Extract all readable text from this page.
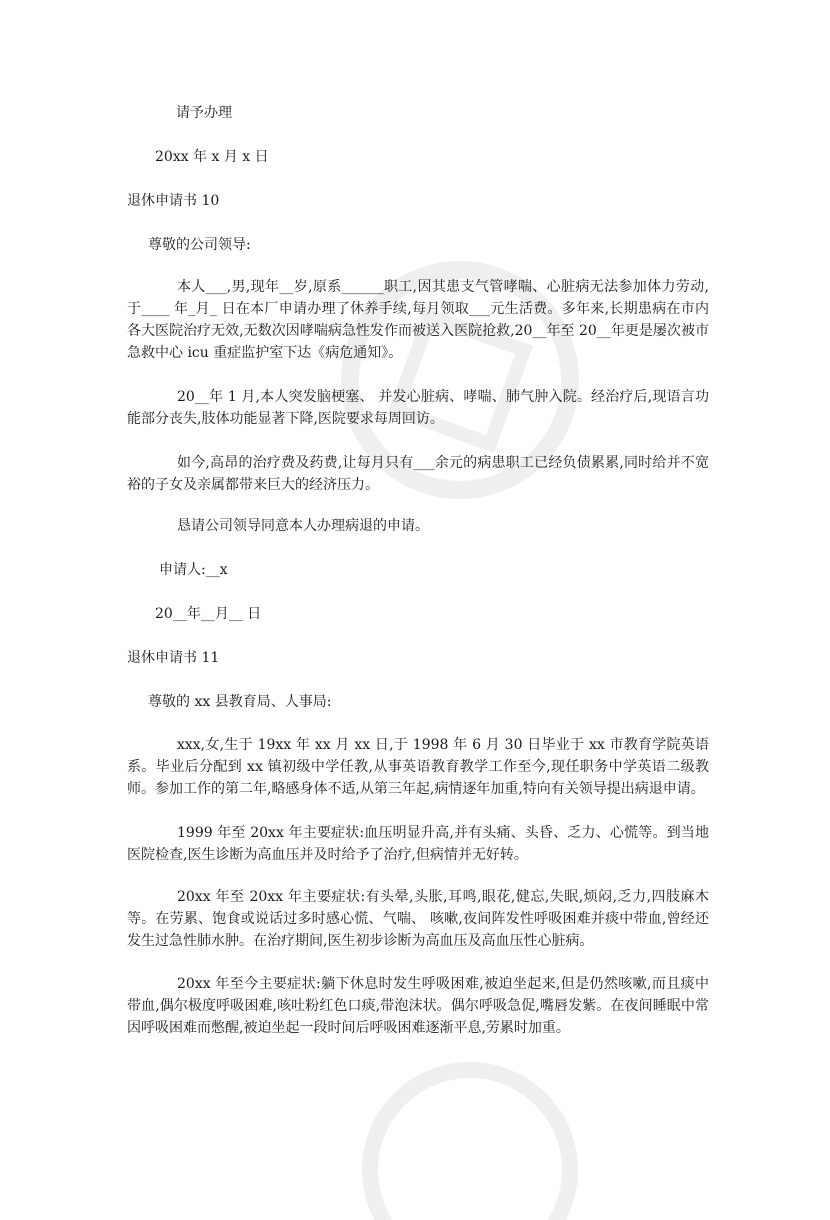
请予办理
20xx 年 x 月 x 日
退休申请书 10
尊敬的公司领导:

本人___,男,现年__岁,原系______职工,因其患支气管哮喘、心脏病无法参加体力劳动,于____ 年_月_ 日在本厂申请办理了休养手续,每月领取___元生活费。多年来,长期患病在市内各大医院治疗无效,无数次因哮喘病急性发作而被送入医院抢救,20__年至 20__年更是屡次被市急救中心 icu 重症监护室下达《病危通知》。

20__年 1 月,本人突发脑梗塞、 并发心脏病、哮喘、肺气肿入院。经治疗后,现语言功能部分丧失,肢体功能显著下降,医院要求每周回访。

如今,高昂的治疗费及药费,让每月只有___余元的病患职工已经负债累累,同时给并不宽裕的子女及亲属都带来巨大的经济压力。

恳请公司领导同意本人办理病退的申请。
申请人:__x
20__年__月__ 日
退休申请书 11
尊敬的 xx 县教育局、人事局:

xxx,女,生于 19xx 年 xx 月 xx 日,于 1998 年 6 月 30 日毕业于 xx 市教育学院英语系。毕业后分配到 xx 镇初级中学任教,从事英语教育教学工作至今,现任职务中学英语二级教师。参加工作的第二年,略感身体不适,从第三年起,病情逐年加重,特向有关领导提出病退申请。

1999 年至 20xx 年主要症状:血压明显升高,并有头痛、头昏、乏力、心慌等。到当地医院检查,医生诊断为高血压并及时给予了治疗,但病情并无好转。

20xx 年至 20xx 年主要症状:有头晕,头胀,耳鸣,眼花,健忘,失眠,烦闷,乏力,四肢麻木等。在劳累、饱食或说话过多时感心慌、气喘、 咳嗽,夜间阵发性呼吸困难并痰中带血,曾经还发生过急性肺水肿。在治疗期间,医生初步诊断为高血压及高血压性心脏病。

20xx 年至今主要症状:躺下休息时发生呼吸困难,被迫坐起来,但是仍然咳嗽,而且痰中带血,偶尔极度呼吸困难,咳吐粉红色口痰,带泡沫状。偶尔呼吸急促,嘴唇发紫。在夜间睡眠中常因呼吸困难而憋醒,被迫坐起一段时间后呼吸困难逐渐平息,劳累时加重。
